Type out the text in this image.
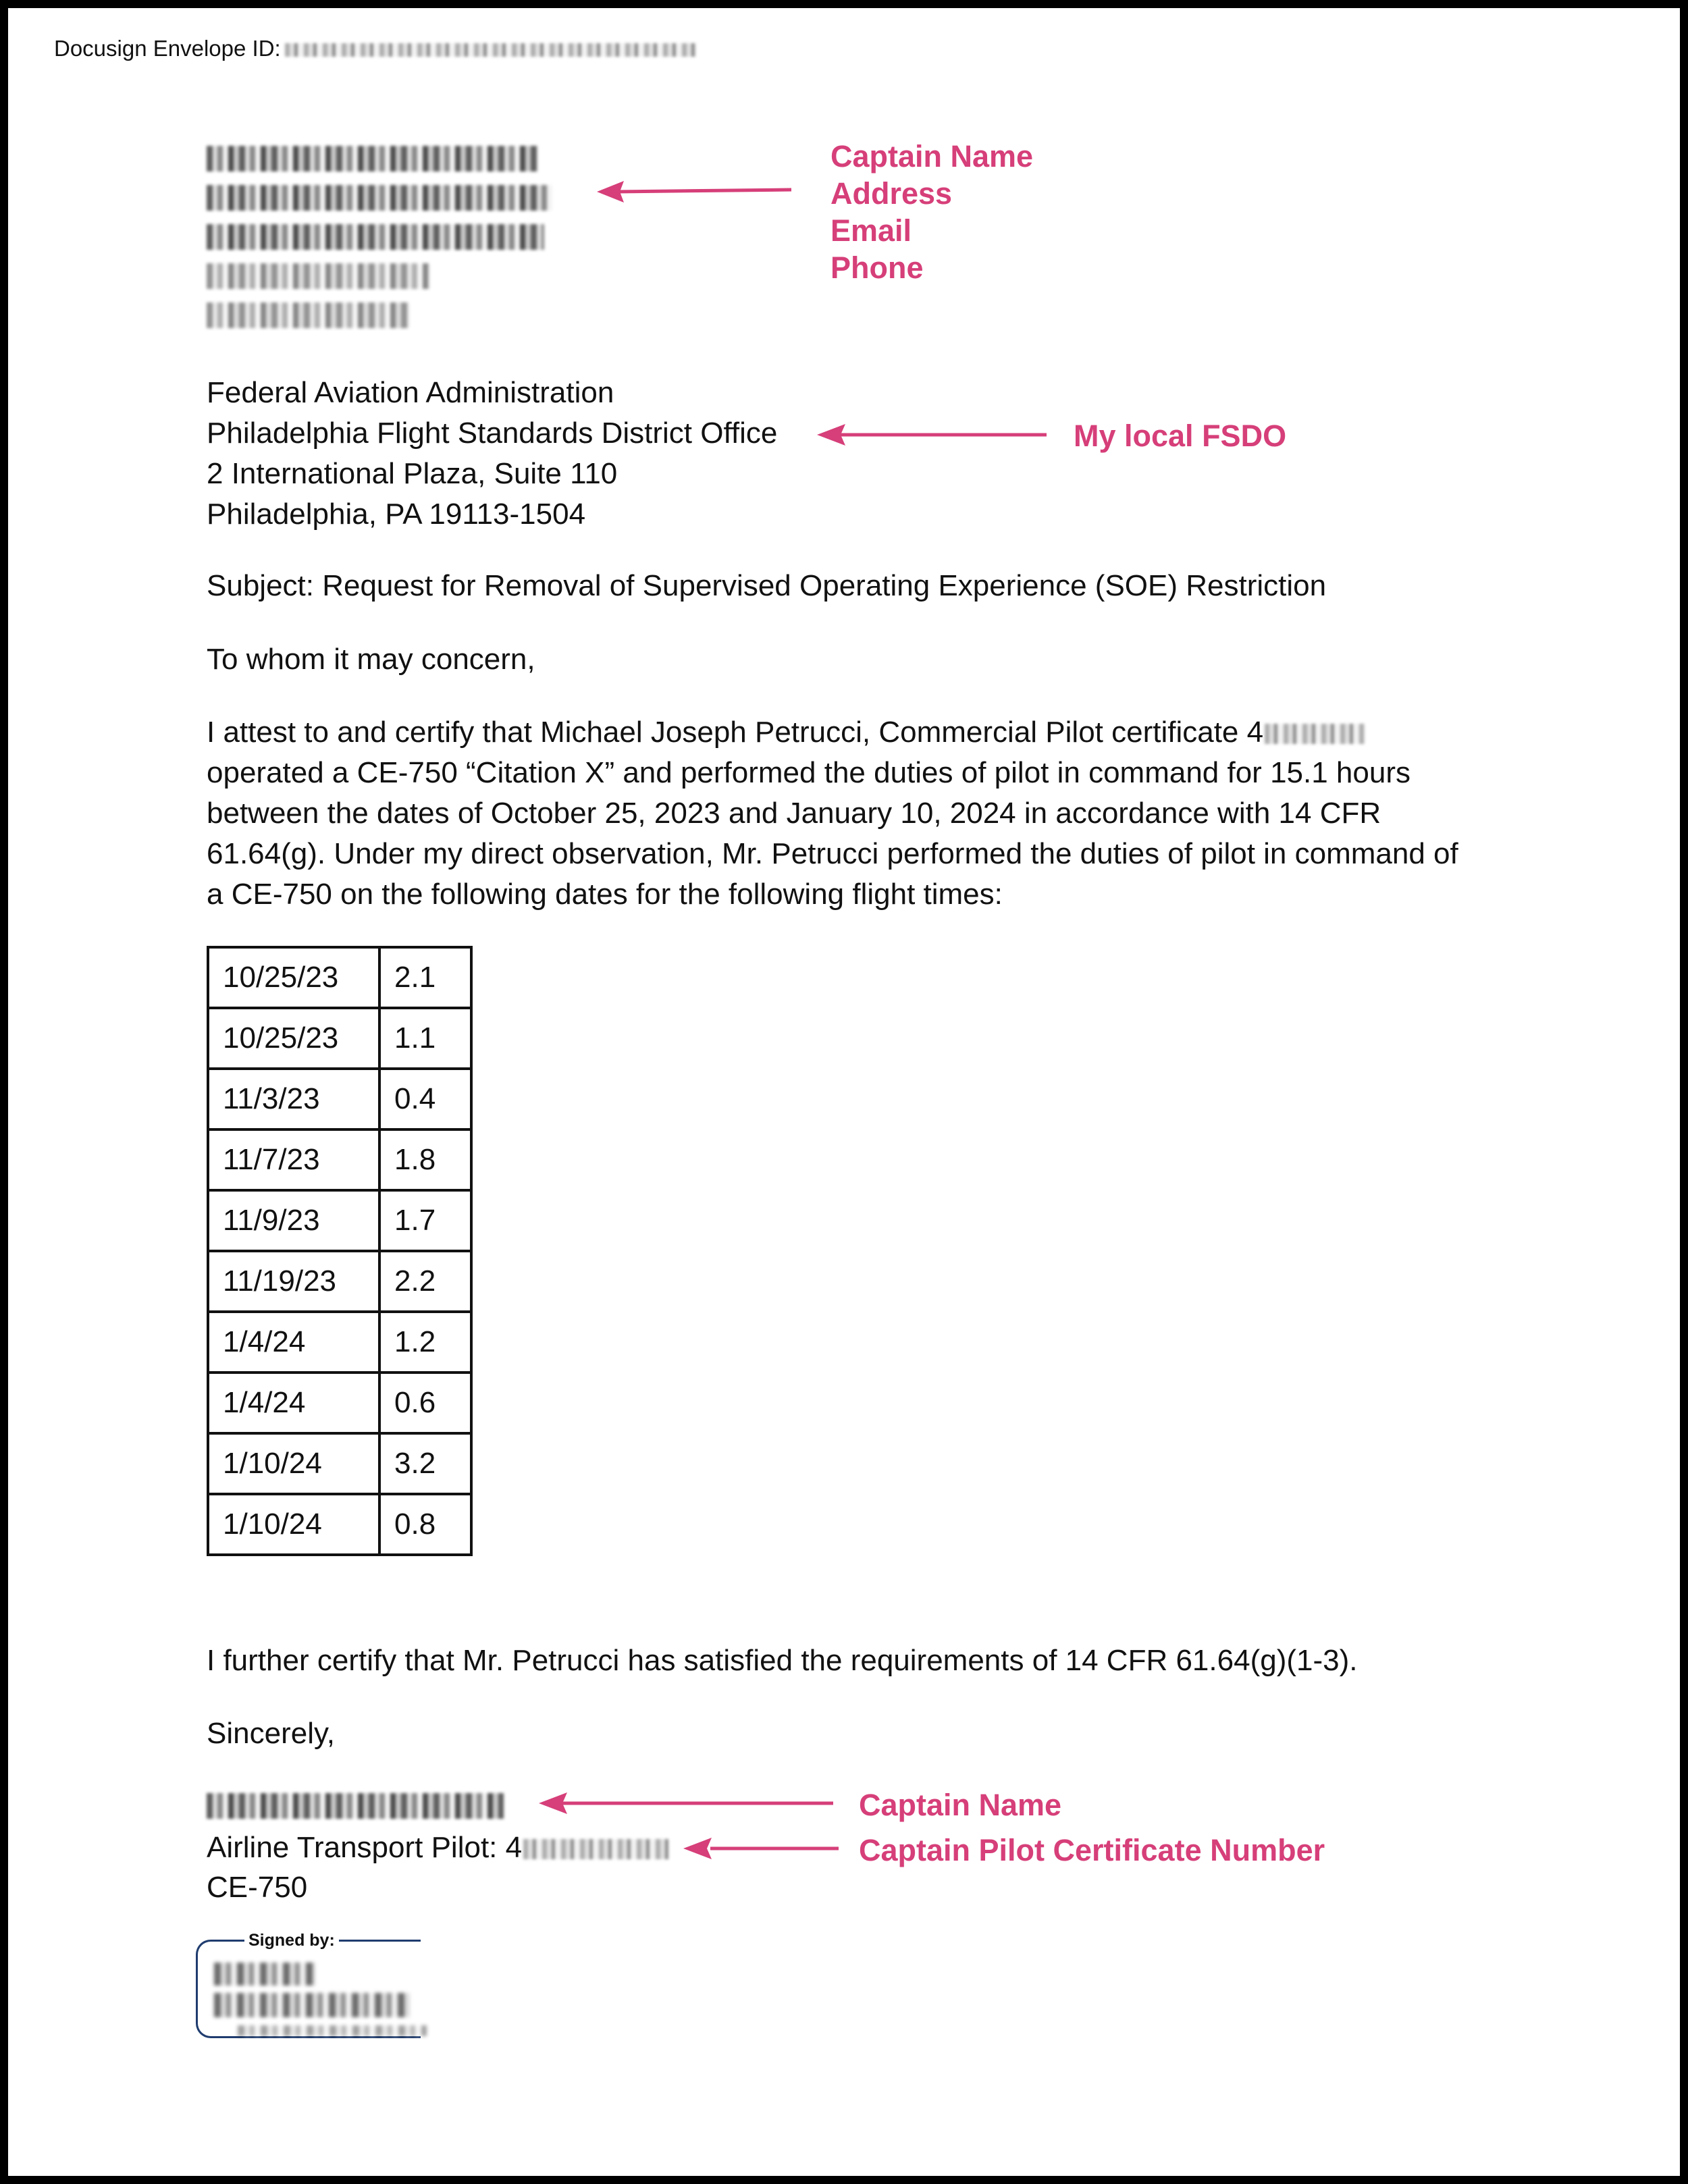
Docusign Envelope ID:
Captain Name
Address
Email
Phone
Federal Aviation Administration
Philadelphia Flight Standards District Office
2 International Plaza, Suite 110
Philadelphia, PA 19113-1504
My local FSDO
Subject: Request for Removal of Supervised Operating Experience (SOE) Restriction
To whom it may concern,
I attest to and certify that Michael Joseph Petrucci, Commercial Pilot certificate 4
operated a CE-750 “Citation X” and performed the duties of pilot in command for 15.1 hours
between the dates of October 25, 2023 and January 10, 2024 in accordance with 14 CFR
61.64(g). Under my direct observation, Mr. Petrucci performed the duties of pilot in command of
a CE-750 on the following dates for the following flight times:
10/25/23	2.1
10/25/23	1.1
11/3/23	0.4
11/7/23	1.8
11/9/23	1.7
11/19/23	2.2
1/4/24	1.2
1/4/24	0.6
1/10/24	3.2
1/10/24	0.8
I further certify that Mr. Petrucci has satisfied the requirements of 14 CFR 61.64(g)(1-3).
Sincerely,
Captain Name
Airline Transport Pilot: 4	Captain Pilot Certificate Number
CE-750
Signed by:
